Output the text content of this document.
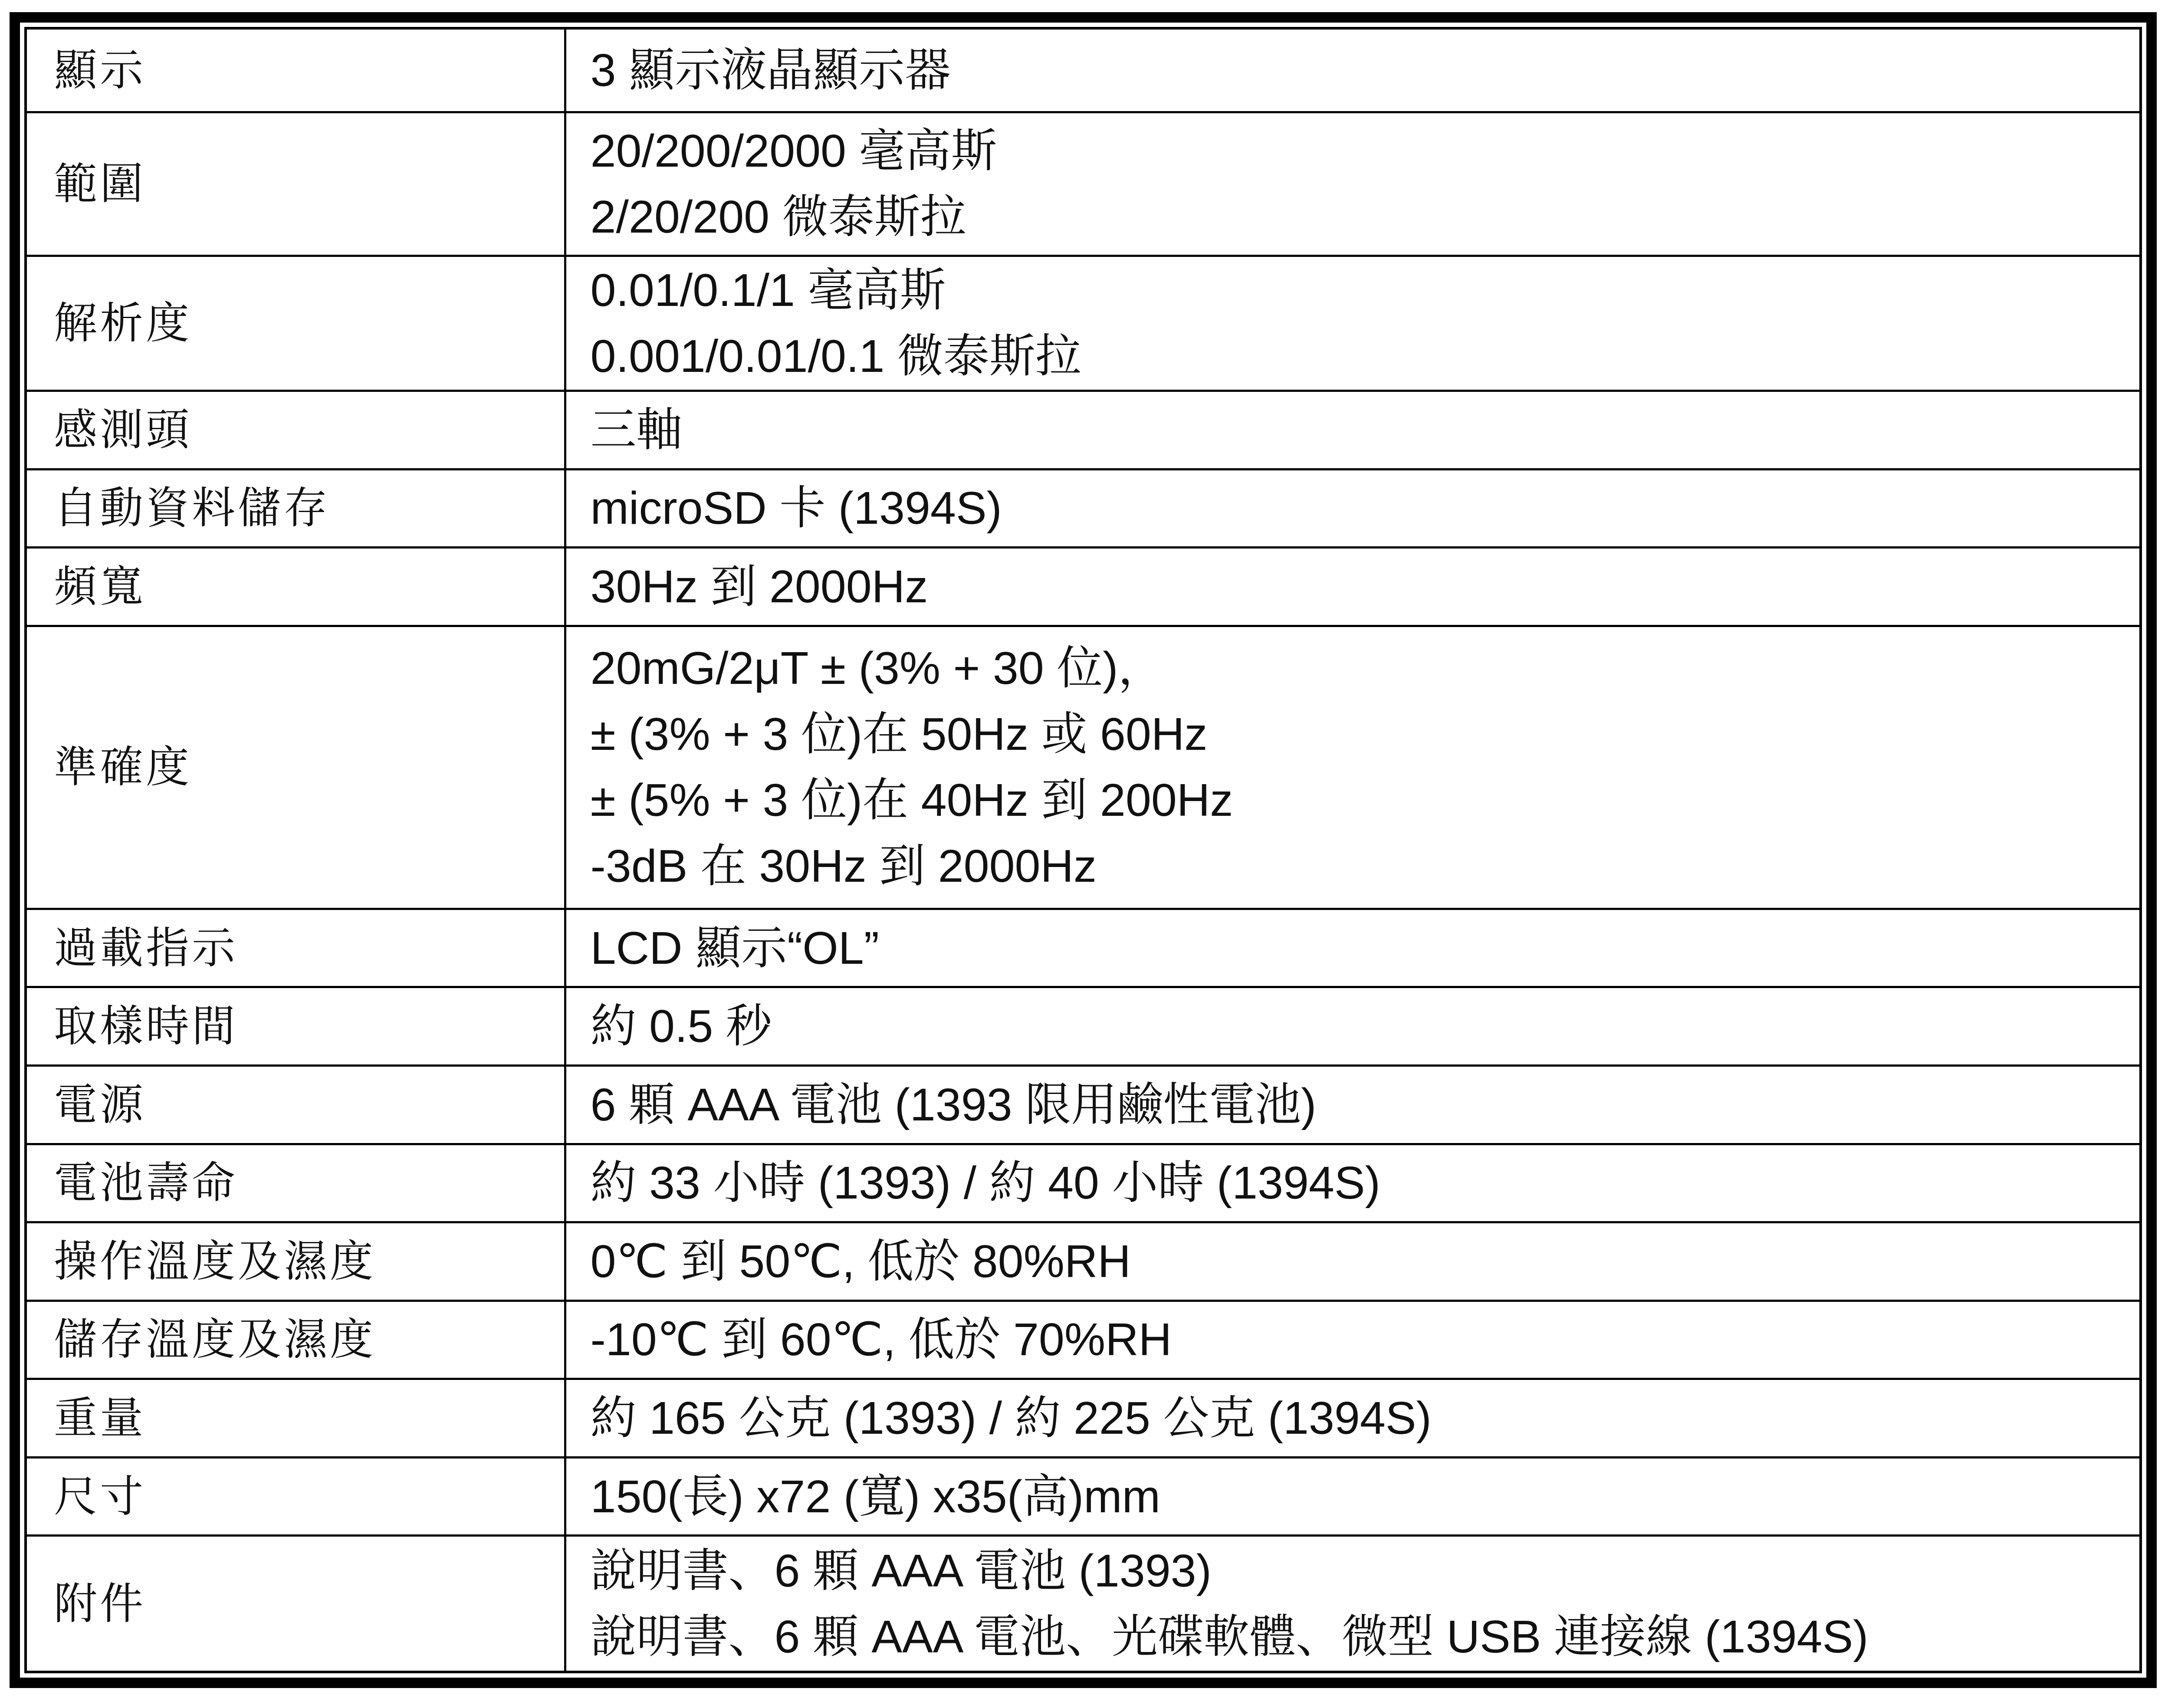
顯示	3 顯示液晶顯示器

範圍	20/200/2000 毫高斯
2/20/200 微泰斯拉

解析度	0.01/0.1/1 毫高斯
0.001/0.01/0.1 微泰斯拉

感測頭	三軸

自動資料儲存	microSD 卡 (1394S)

頻寬	30Hz 到 2000Hz

準確度	20mG/2μT ± (3% + 30 位)，
± (3% + 3 位)在 50Hz 或 60Hz
± (5% + 3 位)在 40Hz 到 200Hz
-3dB 在 30Hz 到 2000Hz

過載指示	LCD 顯示“OL”

取樣時間	約 0.5 秒

電源	6 顆 AAA 電池 (1393 限用鹼性電池)

電池壽命	約 33 小時 (1393) / 約 40 小時 (1394S)

操作溫度及濕度	0℃ 到 50℃, 低於 80%RH

儲存溫度及濕度	-10℃ 到 60℃, 低於 70%RH

重量	約 165 公克 (1393) / 約 225 公克 (1394S)

尺寸	150(長) x72 (寬) x35(高)mm

附件	說明書、6 顆 AAA 電池 (1393)
說明書、6 顆 AAA 電池、光碟軟體、微型 USB 連接線 (1394S)
